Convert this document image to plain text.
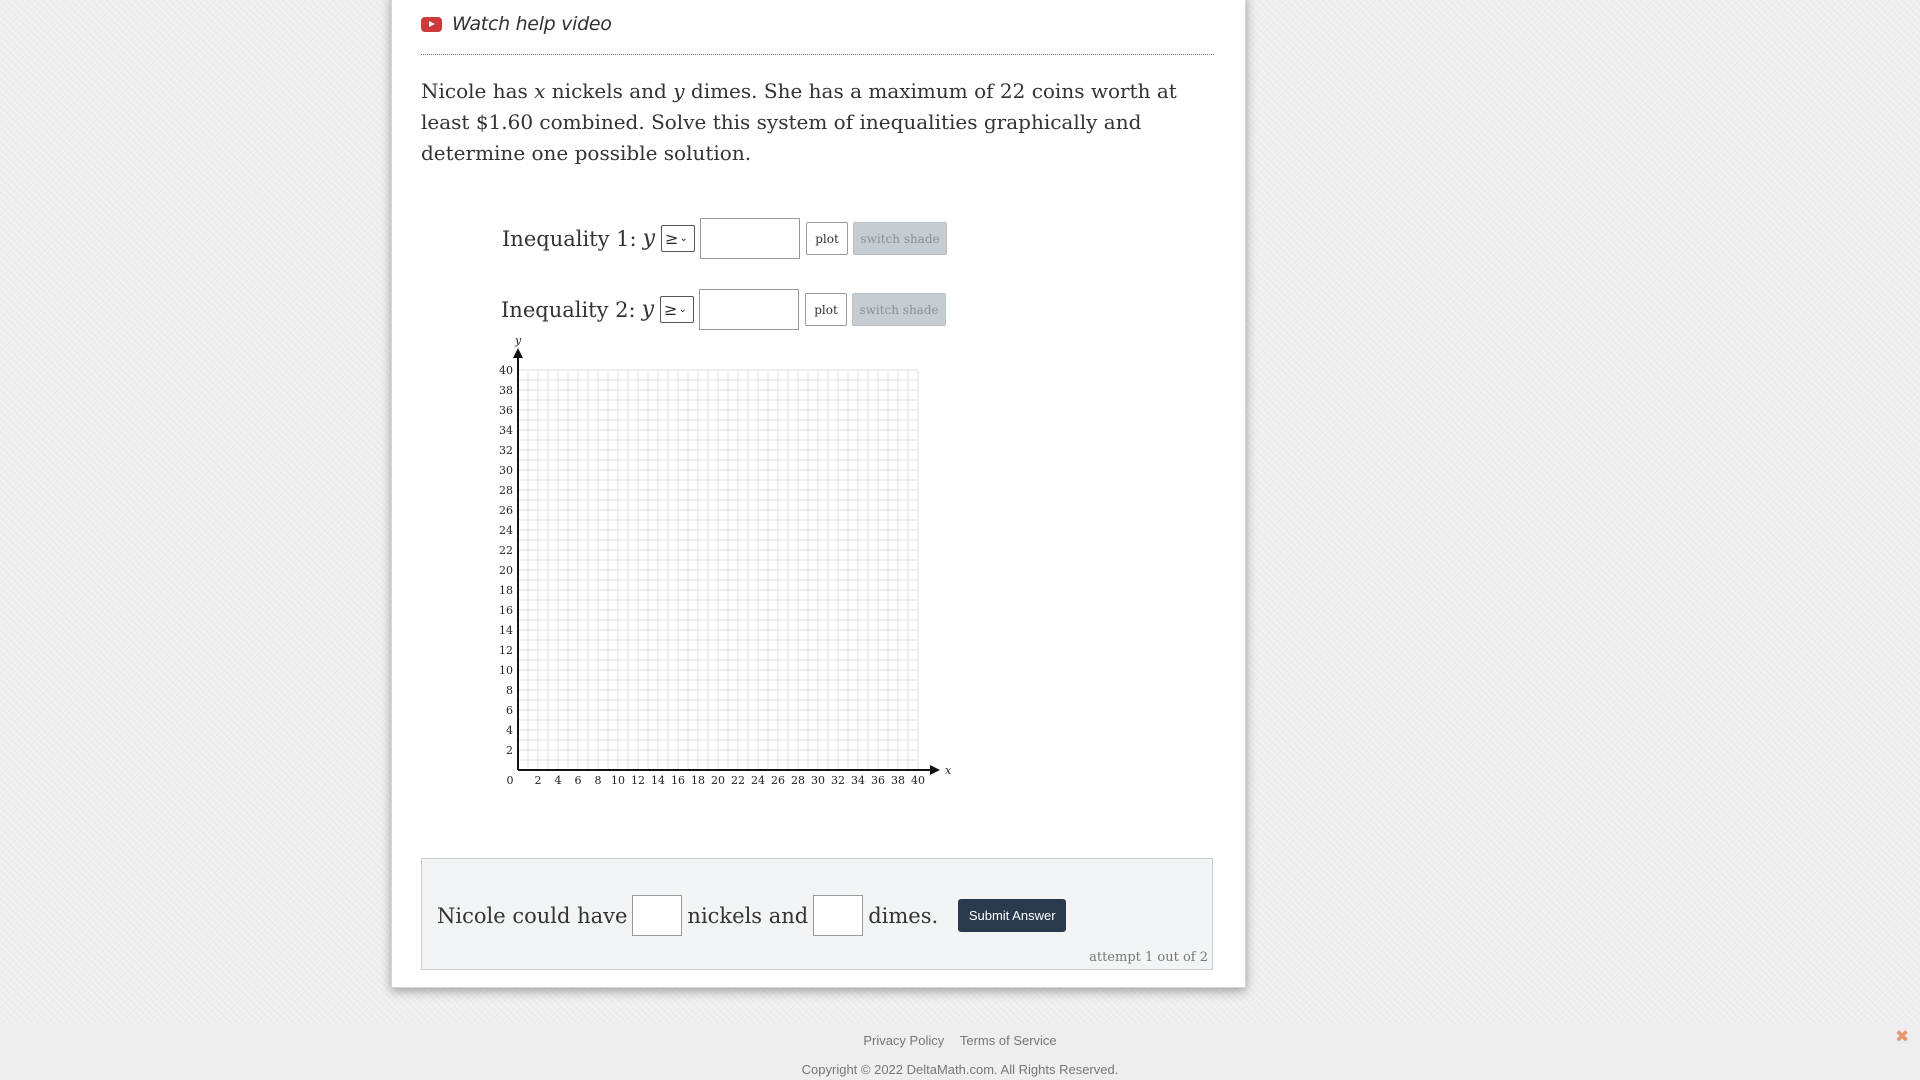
Watch help video
Nicole has x nickels and y dimes. She has a maximum of 22 coins worth at least $1.60 combined. Solve this system of inequalities graphically and determine one possible solution.
Inequality 1: y ≥ ⌄	plot	switch shade
Inequality 2: y ≥ ⌄	plot	switch shade
0 2 4 6 8 10 12 14 16 18 20 22 24 26 28 30 32 34 36 38 40
2
4
6
8
10
12
14
16
18
20
22
24
26
28
30
32
34
36
38
40
x
y
Nicole could have	nickels and	dimes.	Submit Answer
attempt 1 out of 2
Privacy Policy Terms of Service
Copyright © 2022 DeltaMath.com. All Rights Reserved.
✖
